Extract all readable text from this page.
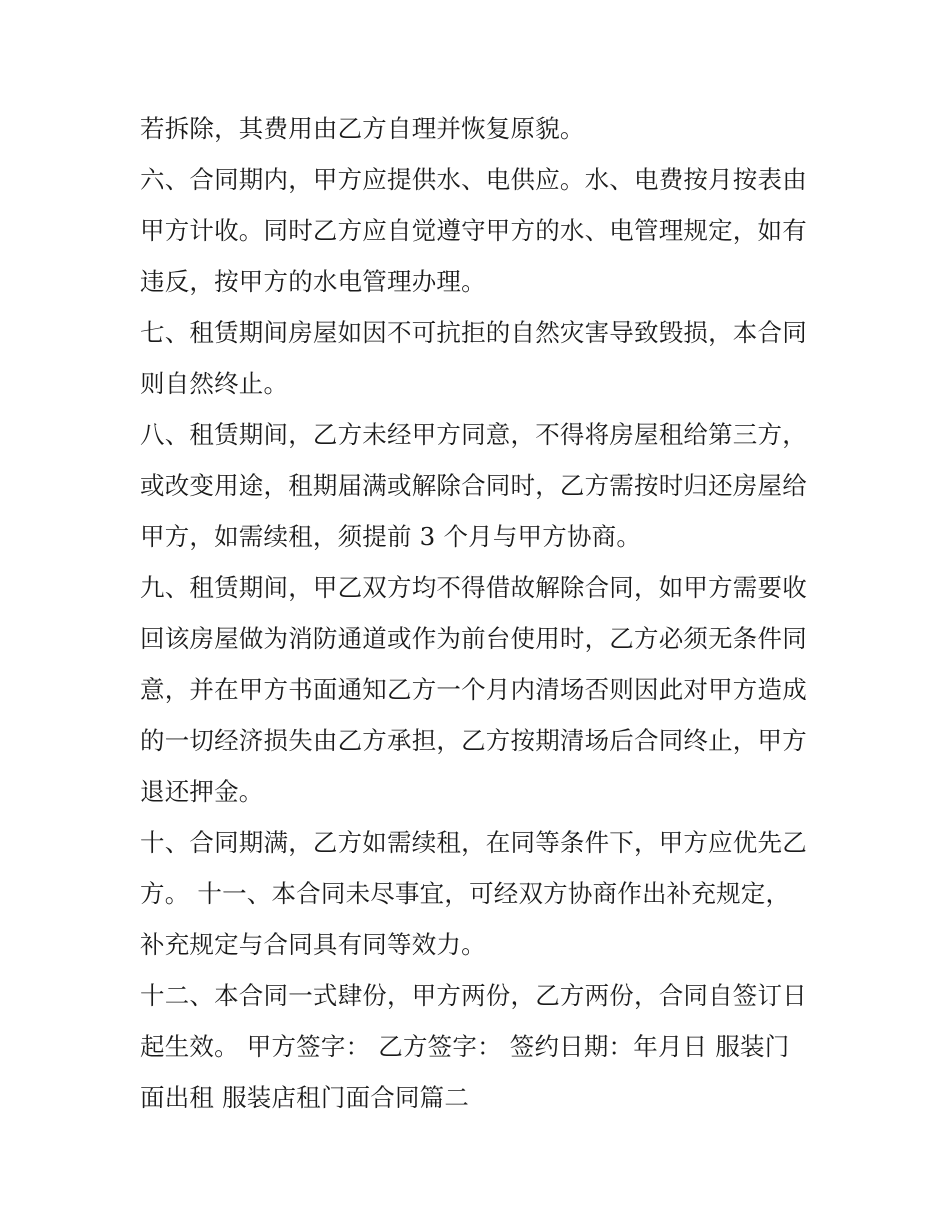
若拆除，其费用由乙方自理并恢复原貌。
六、合同期内，甲方应提供水、电供应。水、电费按月按表由
甲方计收。同时乙方应自觉遵守甲方的水、电管理规定，如有
违反，按甲方的水电管理办理。
七、租赁期间房屋如因不可抗拒的自然灾害导致毁损，本合同
则自然终止。
八、租赁期间，乙方未经甲方同意，不得将房屋租给第三方，
或改变用途，租期届满或解除合同时，乙方需按时归还房屋给
甲方，如需续租，须提前 3 个月与甲方协商。
九、租赁期间，甲乙双方均不得借故解除合同，如甲方需要收
回该房屋做为消防通道或作为前台使用时，乙方必须无条件同
意，并在甲方书面通知乙方一个月内清场否则因此对甲方造成
的一切经济损失由乙方承担，乙方按期清场后合同终止，甲方
退还押金。
十、合同期满，乙方如需续租，在同等条件下，甲方应优先乙
方。 十一、本合同未尽事宜，可经双方协商作出补充规定，
补充规定与合同具有同等效力。
十二、本合同一式肆份，甲方两份，乙方两份，合同自签订日
起生效。 甲方签字： 乙方签字： 签约日期：年月日 服装门
面出租 服装店租门面合同篇二
